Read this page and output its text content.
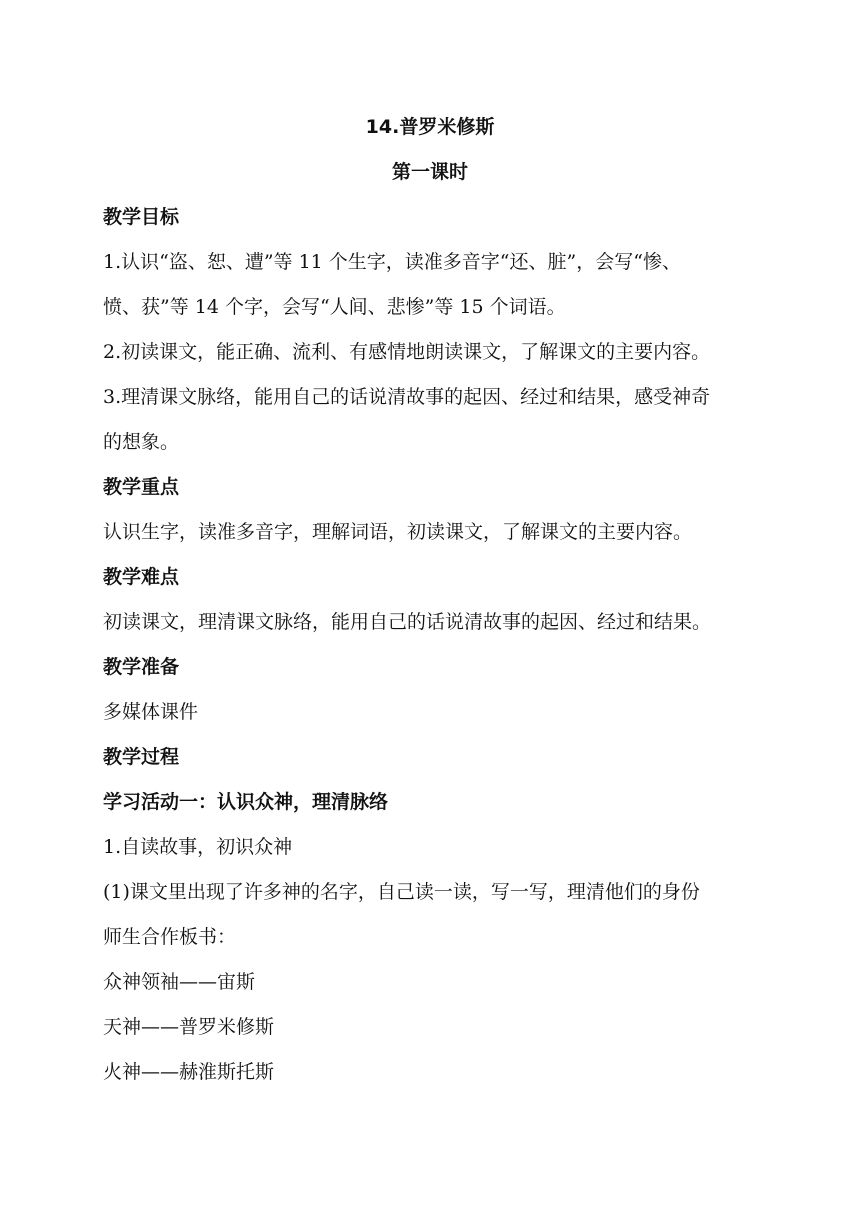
14.普罗米修斯
第一课时
教学目标
1.认识“盗、恕、遭”等 11 个生字，读准多音字“还、脏”，会写“惨、
愤、获”等 14 个字，会写“人间、悲惨”等 15 个词语。
2.初读课文，能正确、流利、有感情地朗读课文，了解课文的主要内容。
3.理清课文脉络，能用自己的话说清故事的起因、经过和结果，感受神奇
的想象。
教学重点
认识生字，读准多音字，理解词语，初读课文，了解课文的主要内容。
教学难点
初读课文，理清课文脉络，能用自己的话说清故事的起因、经过和结果。
教学准备
多媒体课件
教学过程
学习活动一：认识众神，理清脉络
1.自读故事，初识众神
(1)课文里出现了许多神的名字，自己读一读，写一写，理清他们的身份
师生合作板书：
众神领袖——宙斯
天神——普罗米修斯
火神——赫淮斯托斯
